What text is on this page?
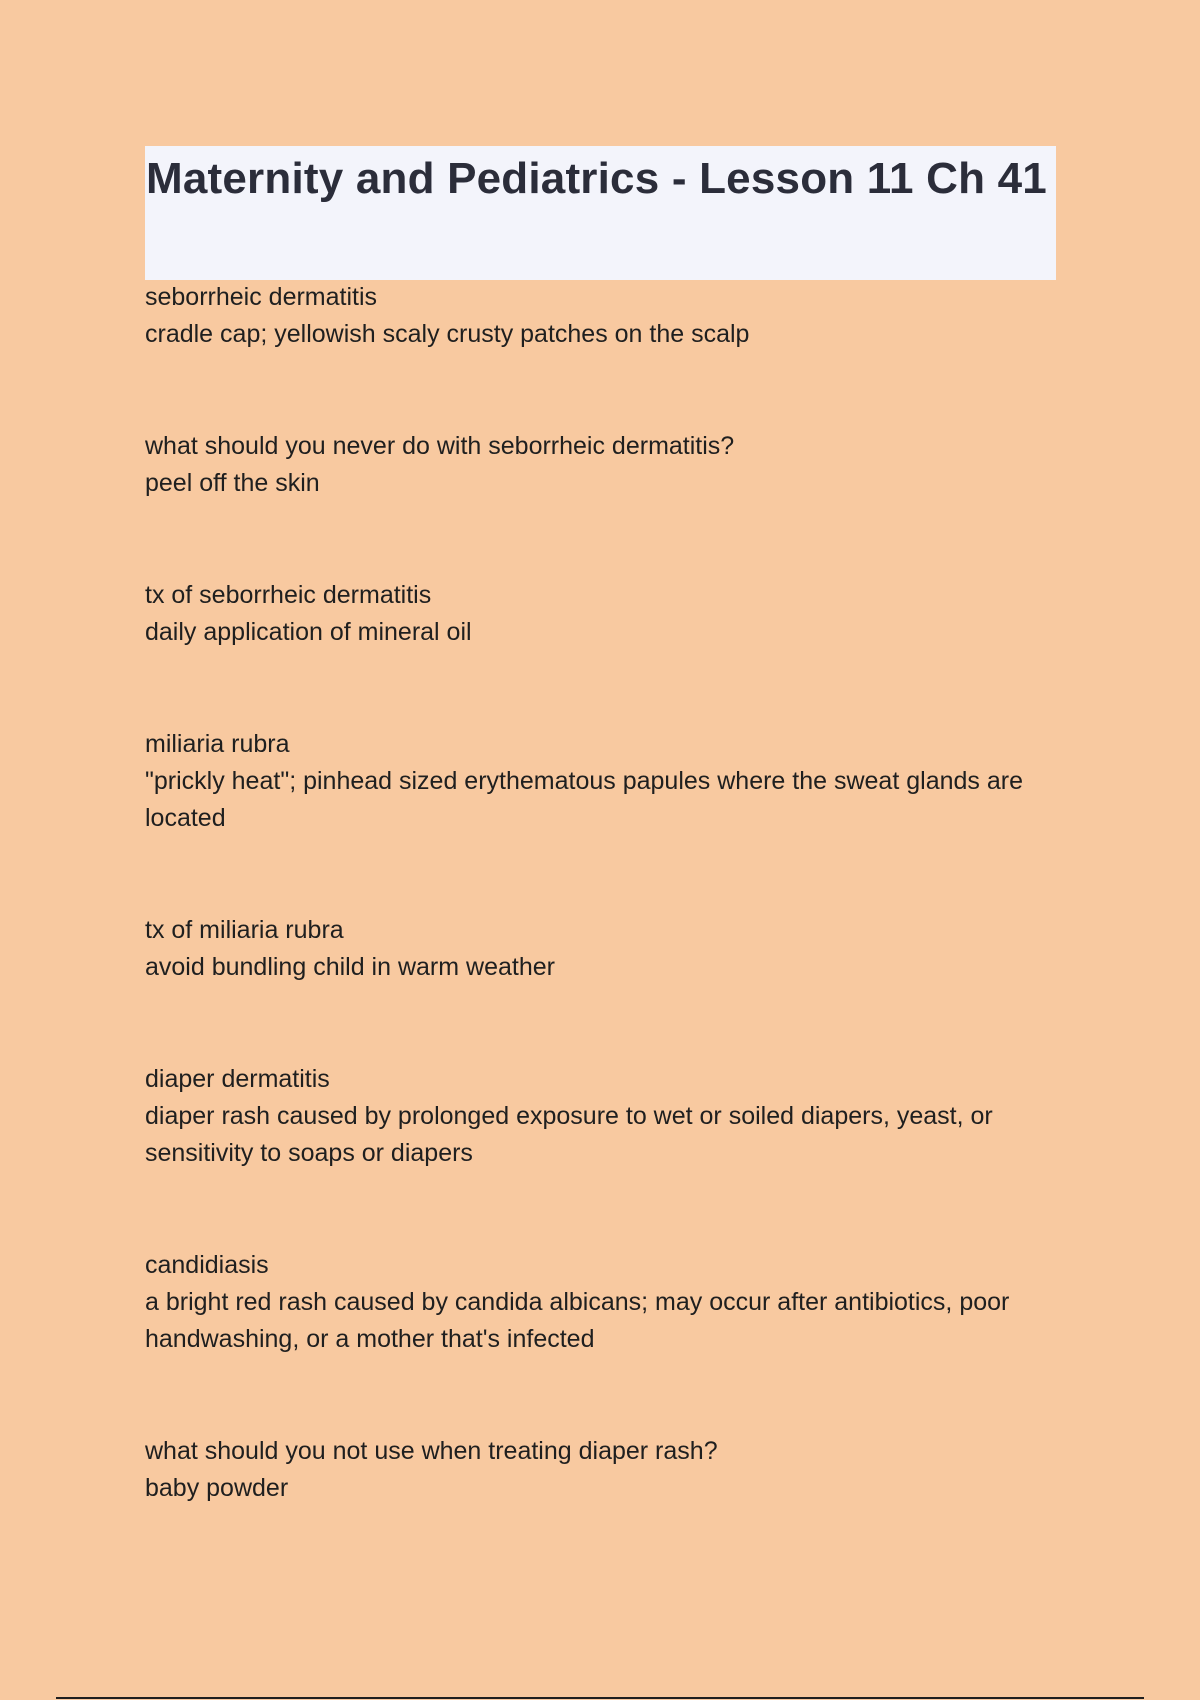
Maternity and Pediatrics - Lesson 11 Ch 41
seborrheic dermatitis
cradle cap; yellowish scaly crusty patches on the scalp
what should you never do with seborrheic dermatitis?
peel off the skin
tx of seborrheic dermatitis
daily application of mineral oil
miliaria rubra
"prickly heat"; pinhead sized erythematous papules where the sweat glands are located
tx of miliaria rubra
avoid bundling child in warm weather
diaper dermatitis
diaper rash caused by prolonged exposure to wet or soiled diapers, yeast, or sensitivity to soaps or diapers
candidiasis
a bright red rash caused by candida albicans; may occur after antibiotics, poor handwashing, or a mother that's infected
what should you not use when treating diaper rash?
baby powder
